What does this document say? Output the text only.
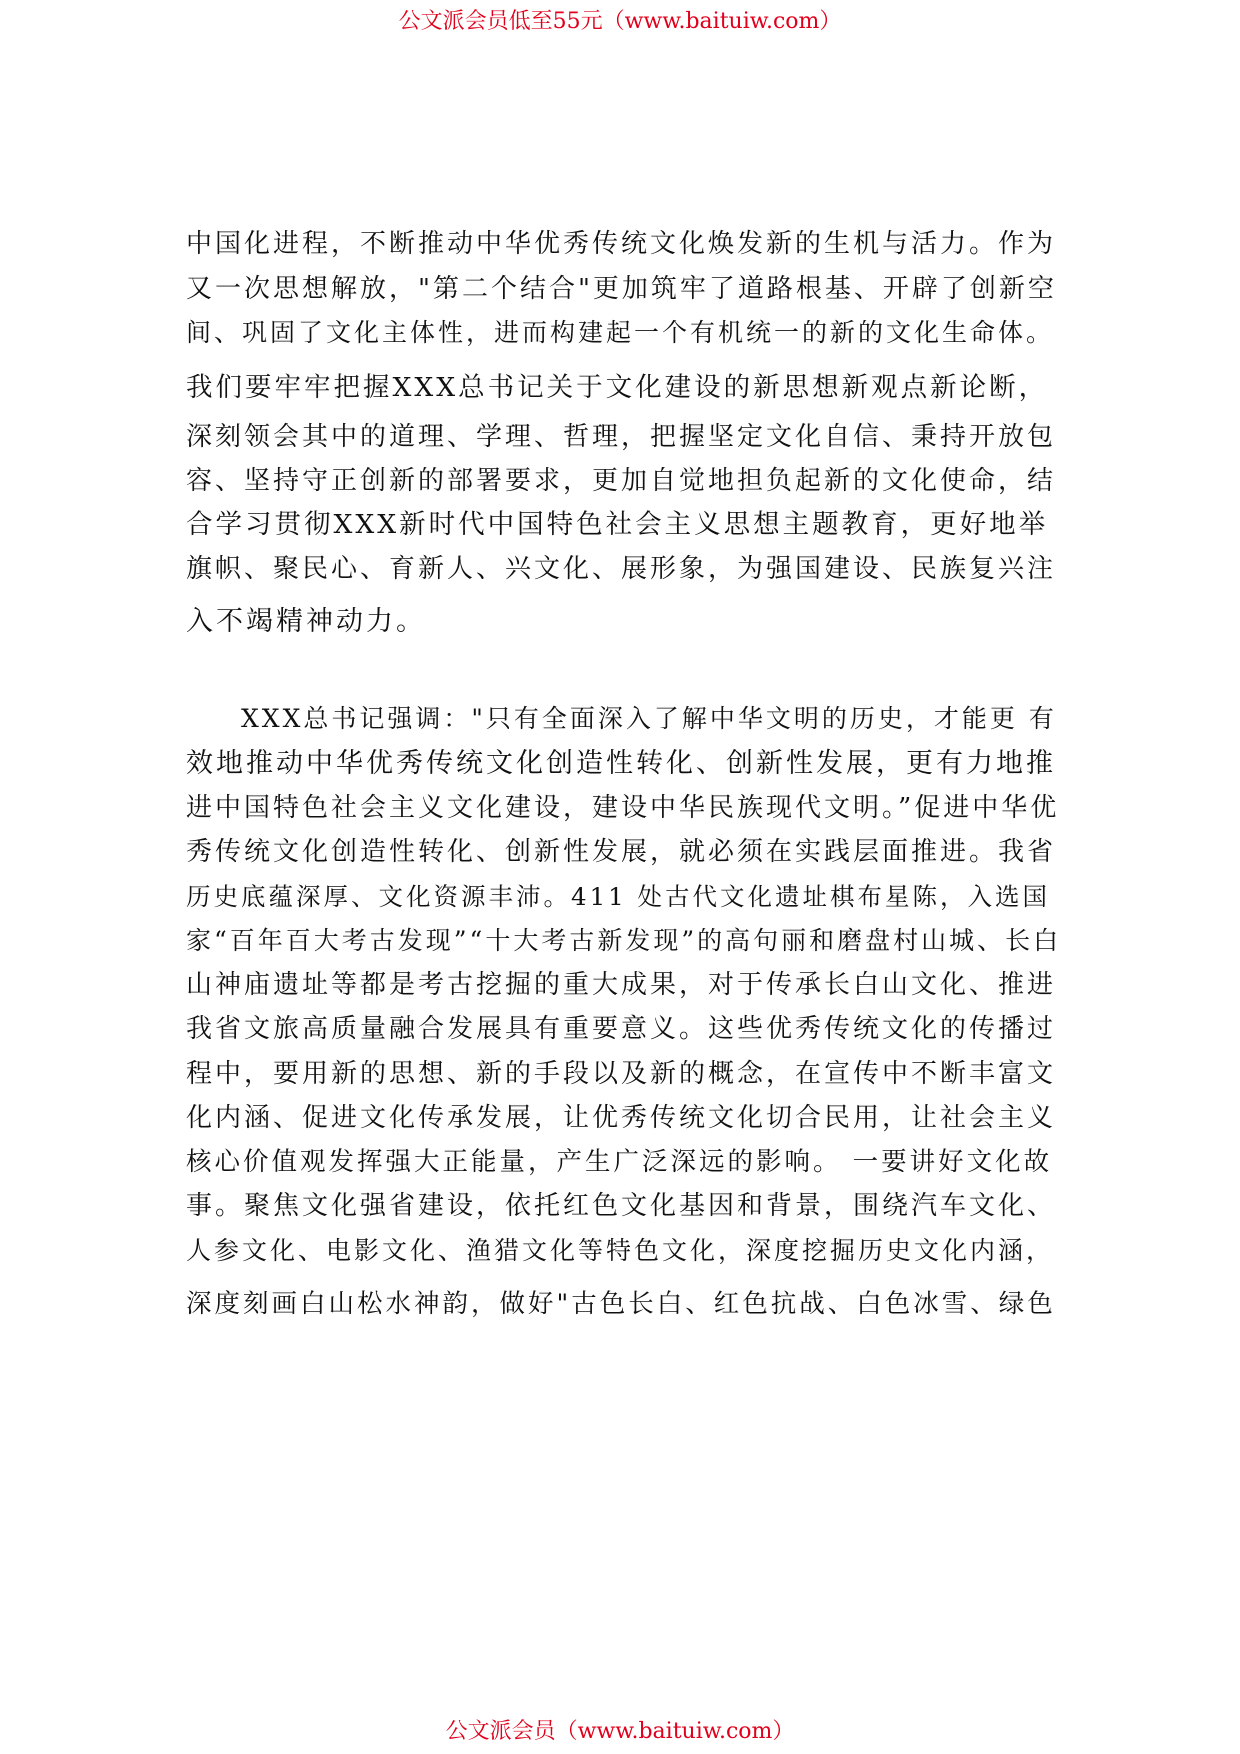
公文派会员低至55元（www.baituiw.com）
中国化进程，不断推动中华优秀传统文化焕发新的生机与活力。作为
又一次思想解放，"第二个结合"更加筑牢了道路根基、开辟了创新空
间、巩固了文化主体性，进而构建起一个有机统一的新的文化生命体。
我们要牢牢把握XXX总书记关于文化建设的新思想新观点新论断，
深刻领会其中的道理、学理、哲理，把握坚定文化自信、秉持开放包
容、坚持守正创新的部署要求，更加自觉地担负起新的文化使命，结
合学习贯彻XXX新时代中国特色社会主义思想主题教育，更好地举
旗帜、聚民心、育新人、兴文化、展形象，为强国建设、民族复兴注
入不竭精神动力。
XXX总书记强调："只有全面深入了解中华文明的历史，才能更 有
效地推动中华优秀传统文化创造性转化、创新性发展，更有力地推
进中国特色社会主义文化建设，建设中华民族现代文明。”促进中华优
秀传统文化创造性转化、创新性发展，就必须在实践层面推进。我省
历史底蕴深厚、文化资源丰沛。411 处古代文化遗址棋布星陈，入选国
家“百年百大考古发现”“十大考古新发现”的高句丽和磨盘村山城、长白
山神庙遗址等都是考古挖掘的重大成果，对于传承长白山文化、推进
我省文旅高质量融合发展具有重要意义。这些优秀传统文化的传播过
程中，要用新的思想、新的手段以及新的概念，在宣传中不断丰富文
化内涵、促进文化传承发展，让优秀传统文化切合民用，让社会主义
核心价值观发挥强大正能量，产生广泛深远的影响。 一要讲好文化故
事。聚焦文化强省建设，依托红色文化基因和背景，围绕汽车文化、
人参文化、电影文化、渔猎文化等特色文化，深度挖掘历史文化内涵，
深度刻画白山松水神韵，做好"古色长白、红色抗战、白色冰雪、绿色
公文派会员（www.baituiw.com）
